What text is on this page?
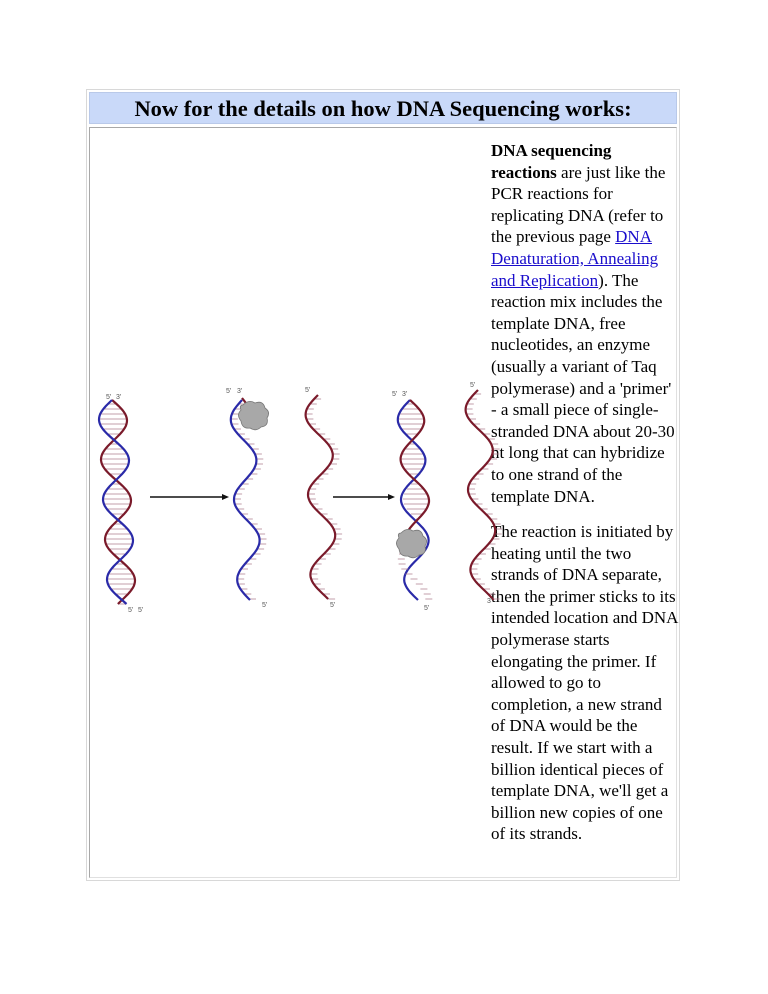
Now for the details on how DNA Sequencing works:

DNA sequencing reactions are just like the PCR reactions for replicating DNA (refer to the previous page DNA Denaturation, Annealing and Replication). The reaction mix includes the template DNA, free nucleotides, an enzyme (usually a variant of Taq polymerase) and a 'primer' - a small piece of single-stranded DNA about 20-30 nt long that can hybridize to one strand of the template DNA.

The reaction is initiated by heating until the two strands of DNA separate, then the primer sticks to its intended location and DNA polymerase starts elongating the primer. If allowed to go to completion, a new strand of DNA would be the result. If we start with a billion identical pieces of template DNA, we'll get a billion new copies of one of its strands.

5' 3'
5' 5'
5' 3'
5'
5'
5'
5' 3'
5'
5'
3'
